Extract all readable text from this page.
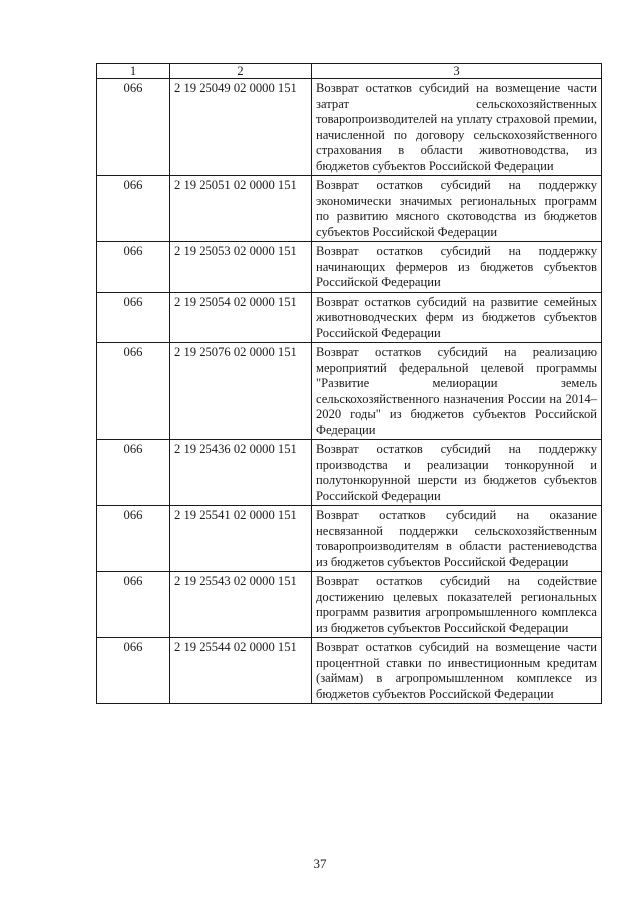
1	2	3
066	2 19 25049 02 0000 151	Возврат остатков субсидий на возмещение части затрат сельскохозяйственных товаропроизводителей на уплату страховой премии, начисленной по договору сельскохозяйственного страхования в области животноводства, из бюджетов субъектов Российской Федерации
066	2 19 25051 02 0000 151	Возврат остатков субсидий на поддержку экономически значимых региональных программ по развитию мясного скотоводства из бюджетов субъектов Российской Федерации
066	2 19 25053 02 0000 151	Возврат остатков субсидий на поддержку начинающих фермеров из бюджетов субъектов Российской Федерации
066	2 19 25054 02 0000 151	Возврат остатков субсидий на развитие семейных животноводческих ферм из бюджетов субъектов Российской Федерации
066	2 19 25076 02 0000 151	Возврат остатков субсидий на реализацию мероприятий федеральной целевой программы "Развитие мелиорации земель сельскохозяйственного назначения России на 2014–2020 годы" из бюджетов субъектов Российской Федерации
066	2 19 25436 02 0000 151	Возврат остатков субсидий на поддержку производства и реализации тонкорунной и полутонкорунной шерсти из бюджетов субъектов Российской Федерации
066	2 19 25541 02 0000 151	Возврат остатков субсидий на оказание несвязанной поддержки сельскохозяйственным товаропроизводителям в области растениеводства из бюджетов субъектов Российской Федерации
066	2 19 25543 02 0000 151	Возврат остатков субсидий на содействие достижению целевых показателей региональных программ развития агропромышленного комплекса из бюджетов субъектов Российской Федерации
066	2 19 25544 02 0000 151	Возврат остатков субсидий на возмещение части процентной ставки по инвестиционным кредитам (займам) в агропромышленном комплексе из бюджетов субъектов Российской Федерации
37
